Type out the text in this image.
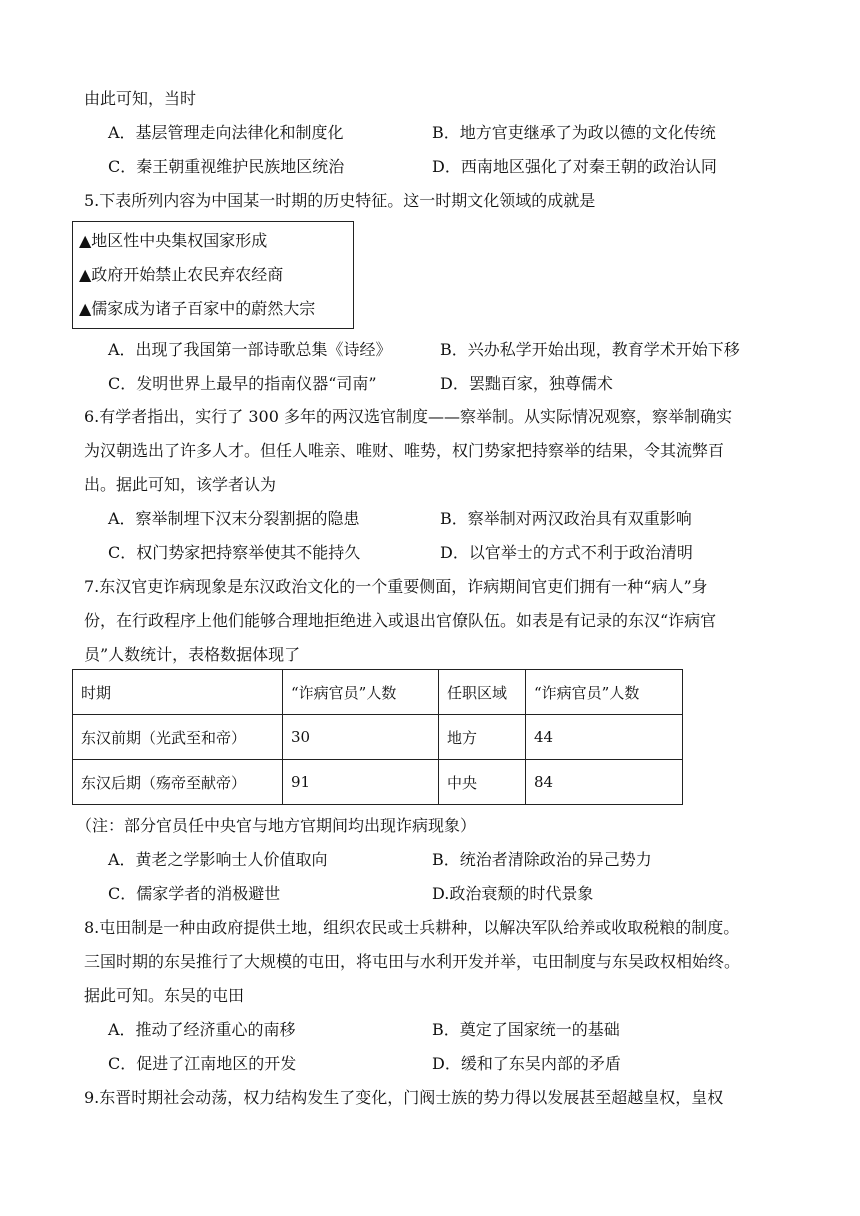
由此可知，当时
A．基层管理走向法律化和制度化	B．地方官吏继承了为政以德的文化传统
C．秦王朝重视维护民族地区统治	D．西南地区强化了对秦王朝的政治认同
5.下表所列内容为中国某一时期的历史特征。这一时期文化领域的成就是
▲地区性中央集权国家形成
▲政府开始禁止农民弃农经商
▲儒家成为诸子百家中的蔚然大宗
A．出现了我国第一部诗歌总集《诗经》	B．兴办私学开始出现，教育学术开始下移
C．发明世界上最早的指南仪器“司南”	D．罢黜百家，独尊儒术
6.有学者指出，实行了 300 多年的两汉选官制度——察举制。从实际情况观察，察举制确实
为汉朝选出了许多人才。但任人唯亲、唯财、唯势，权门势家把持察举的结果，令其流弊百
出。据此可知，该学者认为
A．察举制埋下汉末分裂割据的隐患	B．察举制对两汉政治具有双重影响
C．权门势家把持察举使其不能持久	D．以官举士的方式不利于政治清明
7.东汉官吏诈病现象是东汉政治文化的一个重要侧面，诈病期间官吏们拥有一种“病人”身
份，在行政程序上他们能够合理地拒绝进入或退出官僚队伍。如表是有记录的东汉“诈病官
员”人数统计，表格数据体现了
时期	“诈病官员”人数	任职区域	“诈病官员”人数
东汉前期（光武至和帝）	30	地方	44
东汉后期（殇帝至献帝）	91	中央	84
（注：部分官员任中央官与地方官期间均出现诈病现象）
A．黄老之学影响士人价值取向	B．统治者清除政治的异己势力
C．儒家学者的消极避世	D.政治衰颓的时代景象
8.屯田制是一种由政府提供土地，组织农民或士兵耕种，以解决军队给养或收取税粮的制度。
三国时期的东吴推行了大规模的屯田，将屯田与水利开发并举，屯田制度与东吴政权相始终。
据此可知。东吴的屯田
A．推动了经济重心的南移	B．奠定了国家统一的基础
C．促进了江南地区的开发	D．缓和了东吴内部的矛盾
9.东晋时期社会动荡，权力结构发生了变化，门阀士族的势力得以发展甚至超越皇权，皇权
